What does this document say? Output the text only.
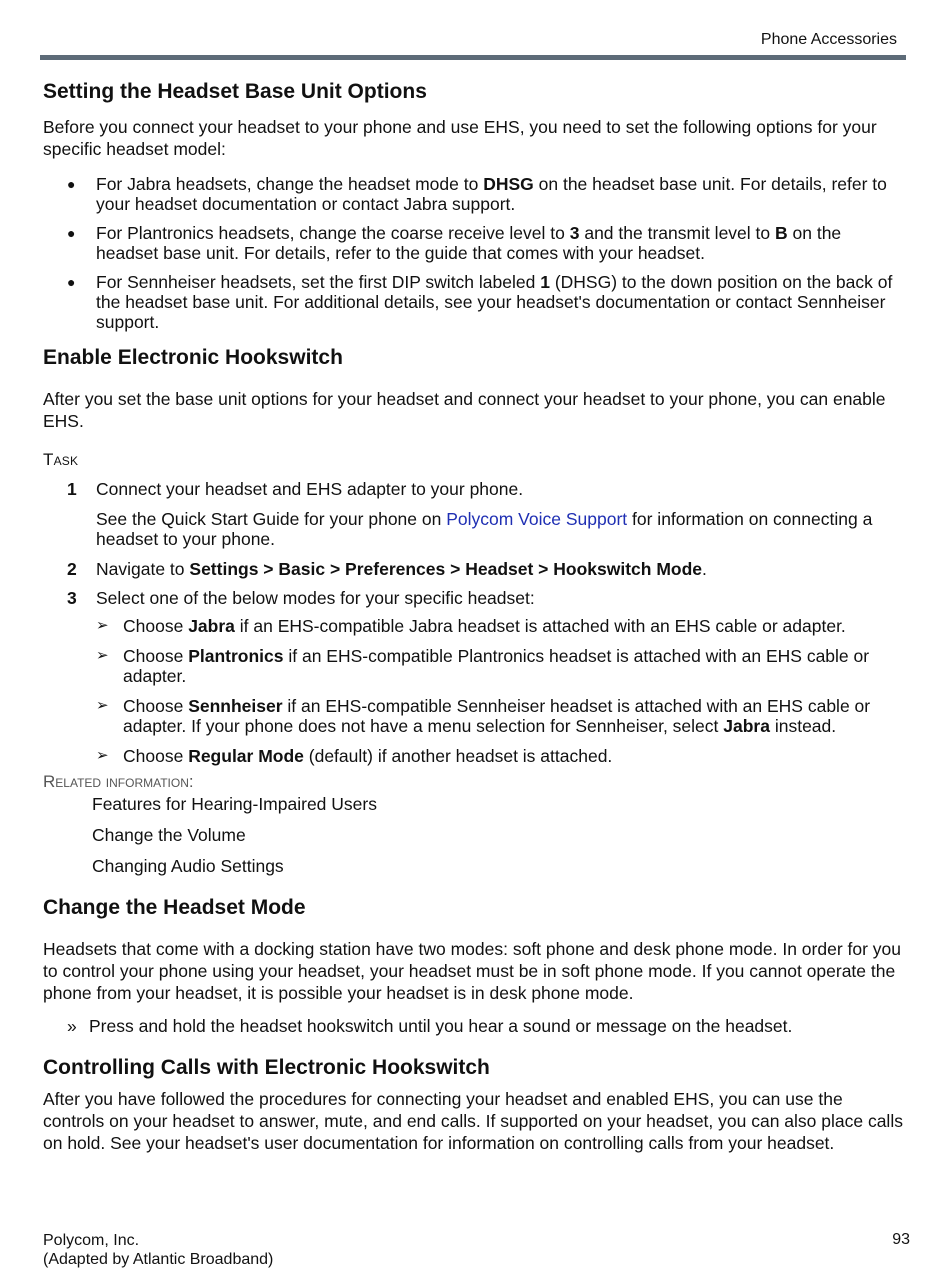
Phone Accessories
Setting the Headset Base Unit Options

Before you connect your headset to your phone and use EHS, you need to set the following options for your specific headset model:

● For Jabra headsets, change the headset mode to DHSG on the headset base unit. For details, refer to your headset documentation or contact Jabra support.
● For Plantronics headsets, change the coarse receive level to 3 and the transmit level to B on the headset base unit. For details, refer to the guide that comes with your headset.
● For Sennheiser headsets, set the first DIP switch labeled 1 (DHSG) to the down position on the back of the headset base unit. For additional details, see your headset's documentation or contact Sennheiser support.
Enable Electronic Hookswitch

After you set the base unit options for your headset and connect your headset to your phone, you can enable EHS.

Task
1 Connect your headset and EHS adapter to your phone.
See the Quick Start Guide for your phone on Polycom Voice Support for information on connecting a headset to your phone.
2 Navigate to Settings > Basic > Preferences > Headset > Hookswitch Mode.
3 Select one of the below modes for your specific headset:
➢ Choose Jabra if an EHS-compatible Jabra headset is attached with an EHS cable or adapter.
➢ Choose Plantronics if an EHS-compatible Plantronics headset is attached with an EHS cable or adapter.
➢ Choose Sennheiser if an EHS-compatible Sennheiser headset is attached with an EHS cable or adapter. If your phone does not have a menu selection for Sennheiser, select Jabra instead.
➢ Choose Regular Mode (default) if another headset is attached.
Related information:
Features for Hearing-Impaired Users
Change the Volume
Changing Audio Settings
Change the Headset Mode

Headsets that come with a docking station have two modes: soft phone and desk phone mode. In order for you to control your phone using your headset, your headset must be in soft phone mode. If you cannot operate the phone from your headset, it is possible your headset is in desk phone mode.

» Press and hold the headset hookswitch until you hear a sound or message on the headset.
Controlling Calls with Electronic Hookswitch

After you have followed the procedures for connecting your headset and enabled EHS, you can use the controls on your headset to answer, mute, and end calls. If supported on your headset, you can also place calls on hold. See your headset's user documentation for information on controlling calls from your headset.

Polycom, Inc.
(Adapted by Atlantic Broadband)
93
